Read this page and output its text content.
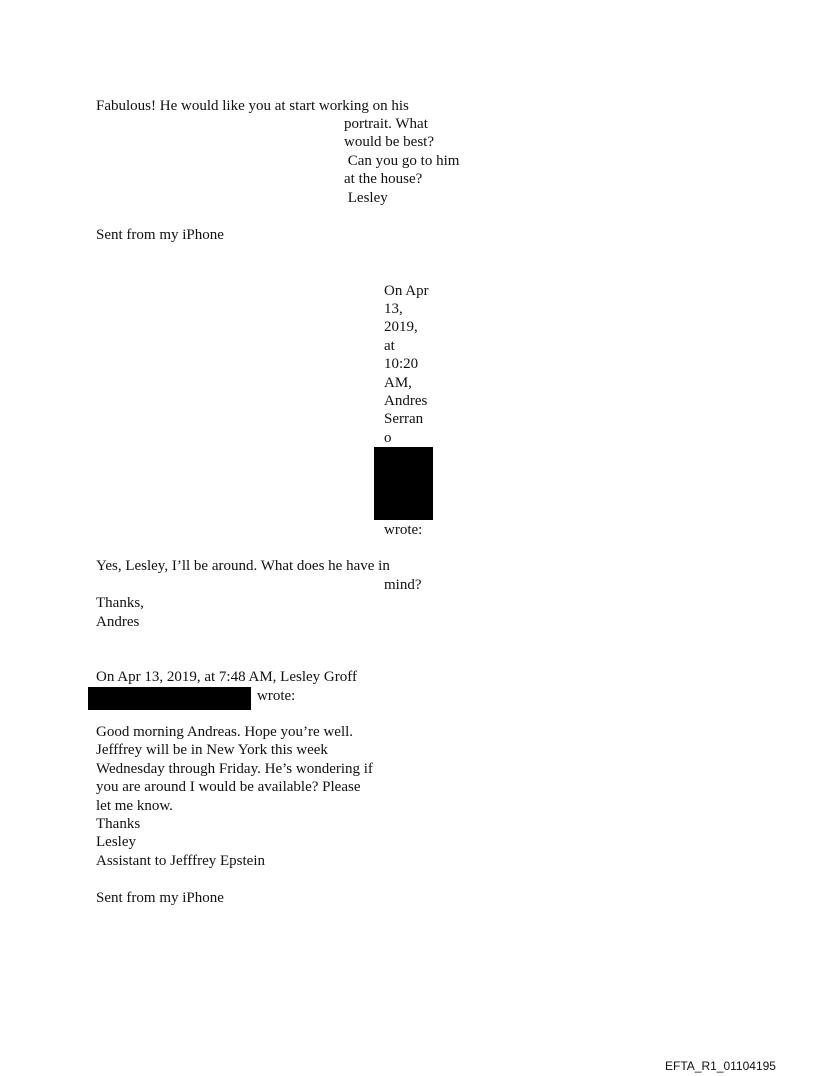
Fabulous! He would like you at start working on his

portrait. What

would be best?

Can you go to him

at the house?

Lesley

Sent from my iPhone

On Apr

13,

2019,

at

10:20

AM,

Andres

Serran

o

wrote:

Yes, Lesley, I’ll be around. What does he have in

mind?

Thanks,

Andres

On Apr 13, 2019, at 7:48 AM, Lesley Groff

wrote:

Good morning Andreas. Hope you’re well.

Jefffrey will be in New York this week

Wednesday through Friday. He’s wondering if

you are around I would be available? Please

let me know.

Thanks

Lesley

Assistant to Jefffrey Epstein

Sent from my iPhone

EFTA_R1_01104195
